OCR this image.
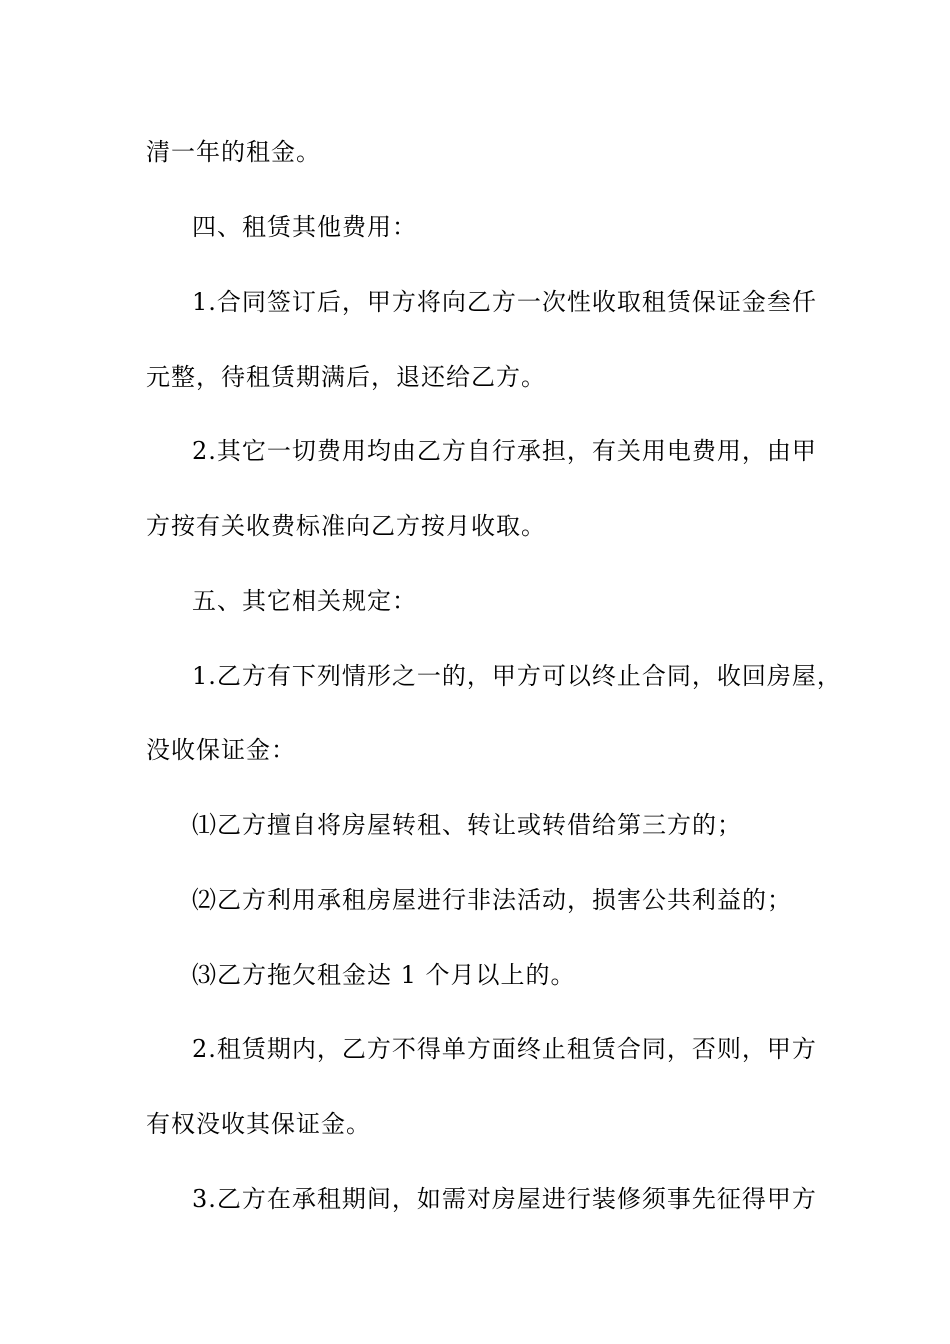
清一年的租金。
四、租赁其他费用：
1.合同签订后，甲方将向乙方一次性收取租赁保证金叁仟
元整，待租赁期满后，退还给乙方。
2.其它一切费用均由乙方自行承担，有关用电费用，由甲
方按有关收费标准向乙方按月收取。
五、其它相关规定：
1.乙方有下列情形之一的，甲方可以终止合同，收回房屋，
没收保证金：
⑴乙方擅自将房屋转租、转让或转借给第三方的；
⑵乙方利用承租房屋进行非法活动，损害公共利益的；
⑶乙方拖欠租金达 1 个月以上的。
2.租赁期内，乙方不得单方面终止租赁合同，否则，甲方
有权没收其保证金。
3.乙方在承租期间，如需对房屋进行装修须事先征得甲方
